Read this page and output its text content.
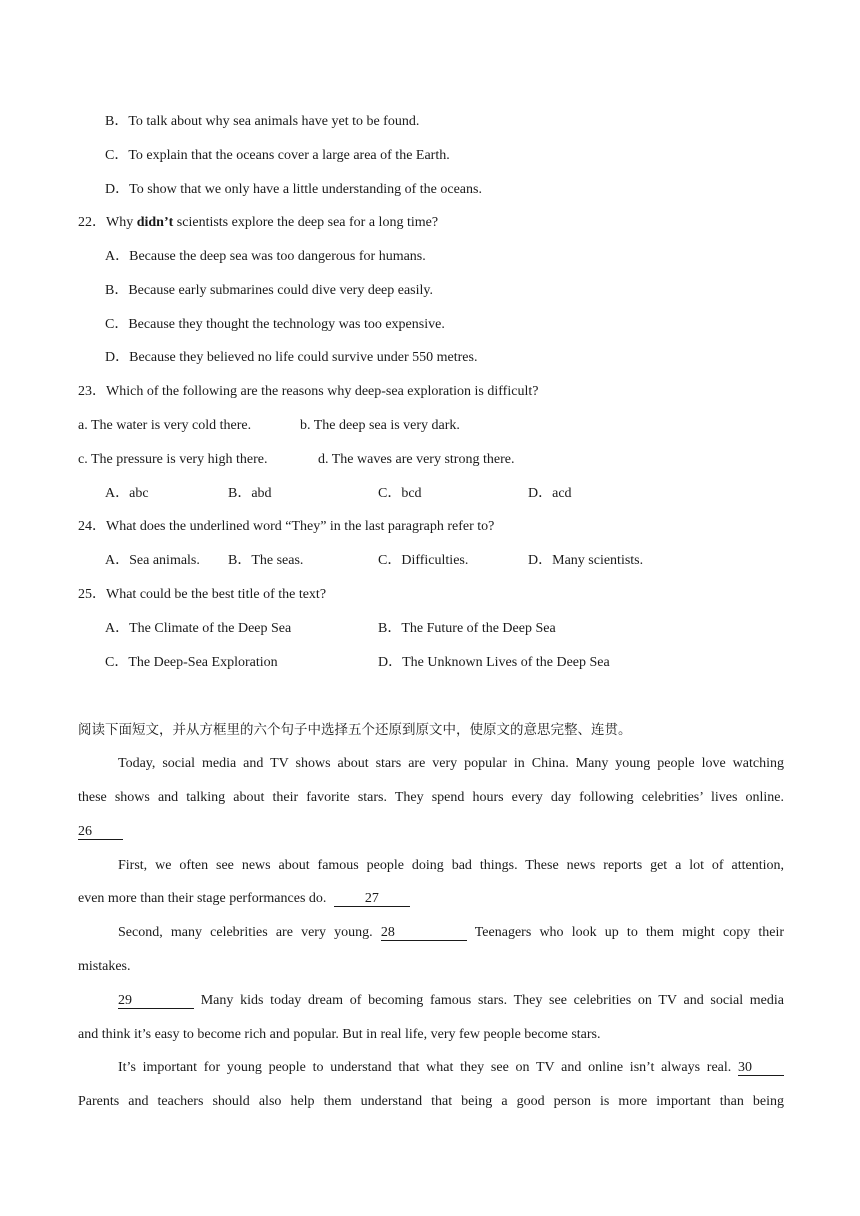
B．To talk about why sea animals have yet to be found.
C．To explain that the oceans cover a large area of the Earth.
D．To show that we only have a little understanding of the oceans.
22．Why didn’t scientists explore the deep sea for a long time?
A．Because the deep sea was too dangerous for humans.
B．Because early submarines could dive very deep easily.
C．Because they thought the technology was too expensive.
D．Because they believed no life could survive under 550 metres.
23．Which of the following are the reasons why deep-sea exploration is difficult?
a. The water is very cold there.	b. The deep sea is very dark.
c. The pressure is very high there.	d. The waves are very strong there.
A．abc	B．abd	C．bcd	D．acd
24．What does the underlined word “They” in the last paragraph refer to?
A．Sea animals. B．The seas.	C．Difficulties.	D．Many scientists.
25．What could be the best title of the text?
A．The Climate of the Deep Sea	B．The Future of the Deep Sea
C．The Deep-Sea Exploration	D．The Unknown Lives of the Deep Sea
阅读下面短文，并从方框里的六个句子中选择五个还原到原文中，使原文的意思完整、连贯。
Today, social media and TV shows about stars are very popular in China. Many young people love watching
these shows and talking about their favorite stars. They spend hours every day following celebrities’ lives online.
26
First, we often see news about famous people doing bad things. These news reports get a lot of attention,
even more than their stage performances do.	27
Second, many celebrities are very young. 28	Teenagers who look up to them might copy their
mistakes.
29	Many kids today dream of becoming famous stars. They see celebrities on TV and social media
and think it’s easy to become rich and popular. But in real life, very few people become stars.
It’s important for young people to understand that what they see on TV and online isn’t always real. 30
Parents and teachers should also help them understand that being a good person is more important than being
